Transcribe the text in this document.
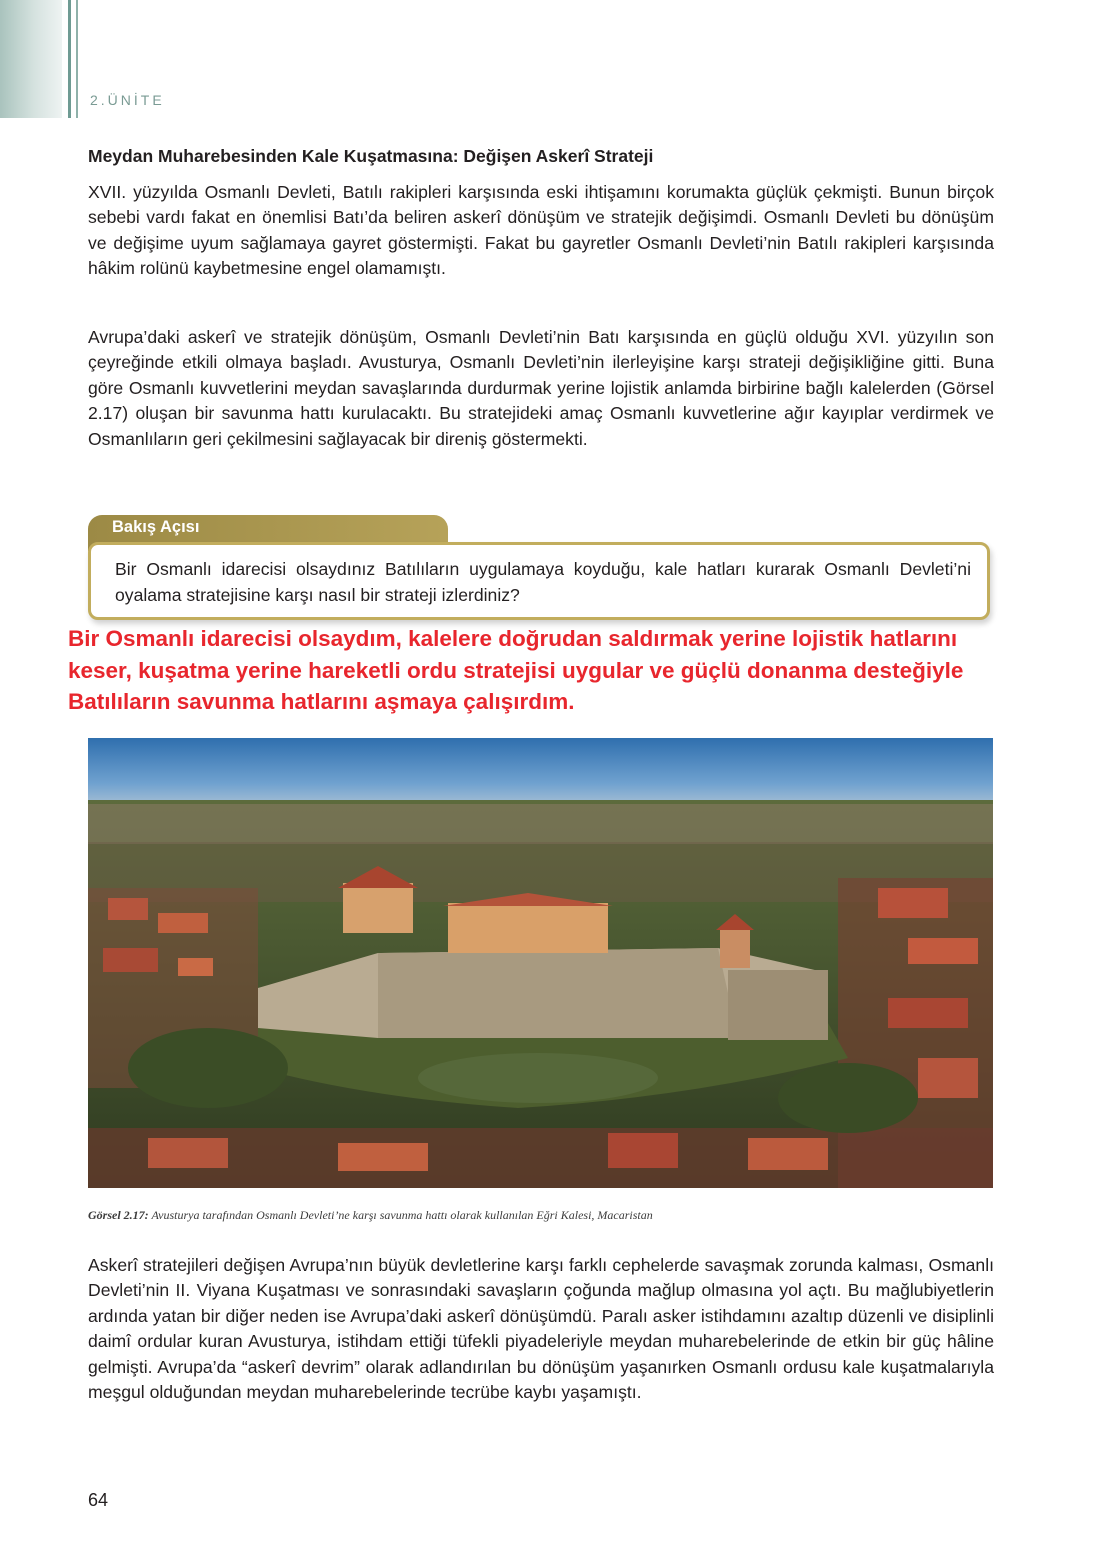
2.ÜNİTE
Meydan Muharebesinden Kale Kuşatmasına: Değişen Askerî Strateji

XVII. yüzyılda Osmanlı Devleti, Batılı rakipleri karşısında eski ihtişamını korumakta güçlük çekmişti. Bunun birçok sebebi vardı fakat en önemlisi Batı’da beliren askerî dönüşüm ve stratejik değişimdi. Osmanlı Devleti bu dönüşüm ve değişime uyum sağlamaya gayret göstermişti. Fakat bu gayretler Osmanlı Devleti’nin Batılı rakipleri karşısında hâkim rolünü kaybetmesine engel olamamıştı.

Avrupa’daki askerî ve stratejik dönüşüm, Osmanlı Devleti’nin Batı karşısında en güçlü olduğu XVI. yüzyılın son çeyreğinde etkili olmaya başladı. Avusturya, Osmanlı Devleti’nin ilerleyişine karşı strateji değişikliğine gitti. Buna göre Osmanlı kuvvetlerini meydan savaşlarında durdurmak yerine lojistik anlamda birbirine bağlı kalelerden (Görsel 2.17) oluşan bir savunma hattı kurulacaktı. Bu stratejideki amaç Osmanlı kuvvetlerine ağır kayıplar verdirmek ve Osmanlıların geri çekilmesini sağlayacak bir direniş göstermekti.

Bakış Açısı

Bir Osmanlı idarecisi olsaydınız Batılıların uygulamaya koyduğu, kale hatları kurarak Osmanlı Devleti’ni oyalama stratejisine karşı nasıl bir strateji izlerdiniz?

Bir Osmanlı idarecisi olsaydım, kalelere doğrudan saldırmak yerine lojistik hatlarını keser, kuşatma yerine hareketli ordu stratejisi uygular ve güçlü donanma desteğiyle Batılıların savunma hatlarını aşmaya çalışırdım.

Görsel 2.17: Avusturya tarafından Osmanlı Devleti’ne karşı savunma hattı olarak kullanılan Eğri Kalesi, Macaristan

Askerî stratejileri değişen Avrupa’nın büyük devletlerine karşı farklı cephelerde savaşmak zorunda kalması, Osmanlı Devleti’nin II. Viyana Kuşatması ve sonrasındaki savaşların çoğunda mağlup olmasına yol açtı. Bu mağlubiyetlerin ardında yatan bir diğer neden ise Avrupa’daki askerî dönüşümdü. Paralı asker istihdamını azaltıp düzenli ve disiplinli daimî ordular kuran Avusturya, istihdam ettiği tüfekli piyadeleriyle meydan muharebelerinde de etkin bir güç hâline gelmişti. Avrupa’da “askerî devrim” olarak adlandırılan bu dönüşüm yaşanırken Osmanlı ordusu kale kuşatmalarıyla meşgul olduğundan meydan muharebelerinde tecrübe kaybı yaşamıştı.

64
